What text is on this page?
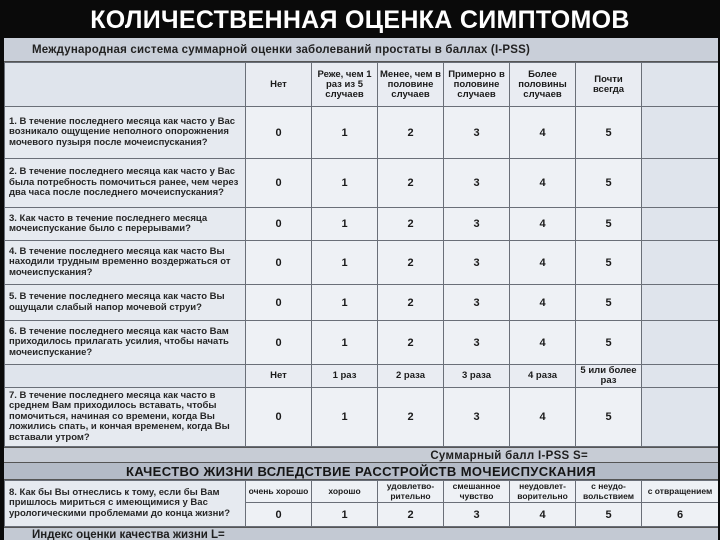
КОЛИЧЕСТВЕННАЯ ОЦЕНКА СИМПТОМОВ
Международная система суммарной оценки заболеваний простаты в баллах (I-PSS)
	Нет	Реже, чем 1 раз из 5 случаев	Менее, чем в половине случаев	Примерно в половине случаев	Более половины случаев	Почти всегда	
1. В течение последнего месяца как часто у Вас возникало ощущение неполного опорожнения мочевого пузыря после мочеиспускания?	0	1	2	3	4	5	
2. В течение последнего месяца как часто у Вас была потребность помочиться ранее, чем через два часа после последнего мочеиспускания?	0	1	2	3	4	5	
3. Как часто в течение последнего месяца мочеиспускание было с перерывами?	0	1	2	3	4	5	
4. В течение последнего месяца как часто Вы находили трудным временно воздержаться от мочеиспускания?	0	1	2	3	4	5	
5. В течение последнего месяца как часто Вы ощущали слабый напор мочевой струи?	0	1	2	3	4	5	
6. В течение последнего месяца как часто Вам приходилось прилагать усилия, чтобы начать мочеиспускание?	0	1	2	3	4	5	
	Нет	1 раз	2 раза	3 раза	4 раза	5 или более раз	
7. В течение последнего месяца как часто в среднем Вам приходилось вставать, чтобы помочиться, начиная со времени, когда Вы ложились спать, и кончая временем, когда Вы вставали утром?	0	1	2	3	4	5	
Суммарный балл I-PSS S=
КАЧЕСТВО ЖИЗНИ ВСЛЕДСТВИЕ РАССТРОЙСТВ МОЧЕИСПУСКАНИЯ
8. Как бы Вы отнеслись к тому, если бы Вам пришлось мириться с имеющимися у Вас урологическими проблемами до конца жизни?	очень хорошо	хорошо	удовлетво-рительно	смешанное чувство	неудовлет-ворительно	с неудо-вольствием	с отвращением
	0	1	2	3	4	5	6
Индекс оценки качества жизни L=
